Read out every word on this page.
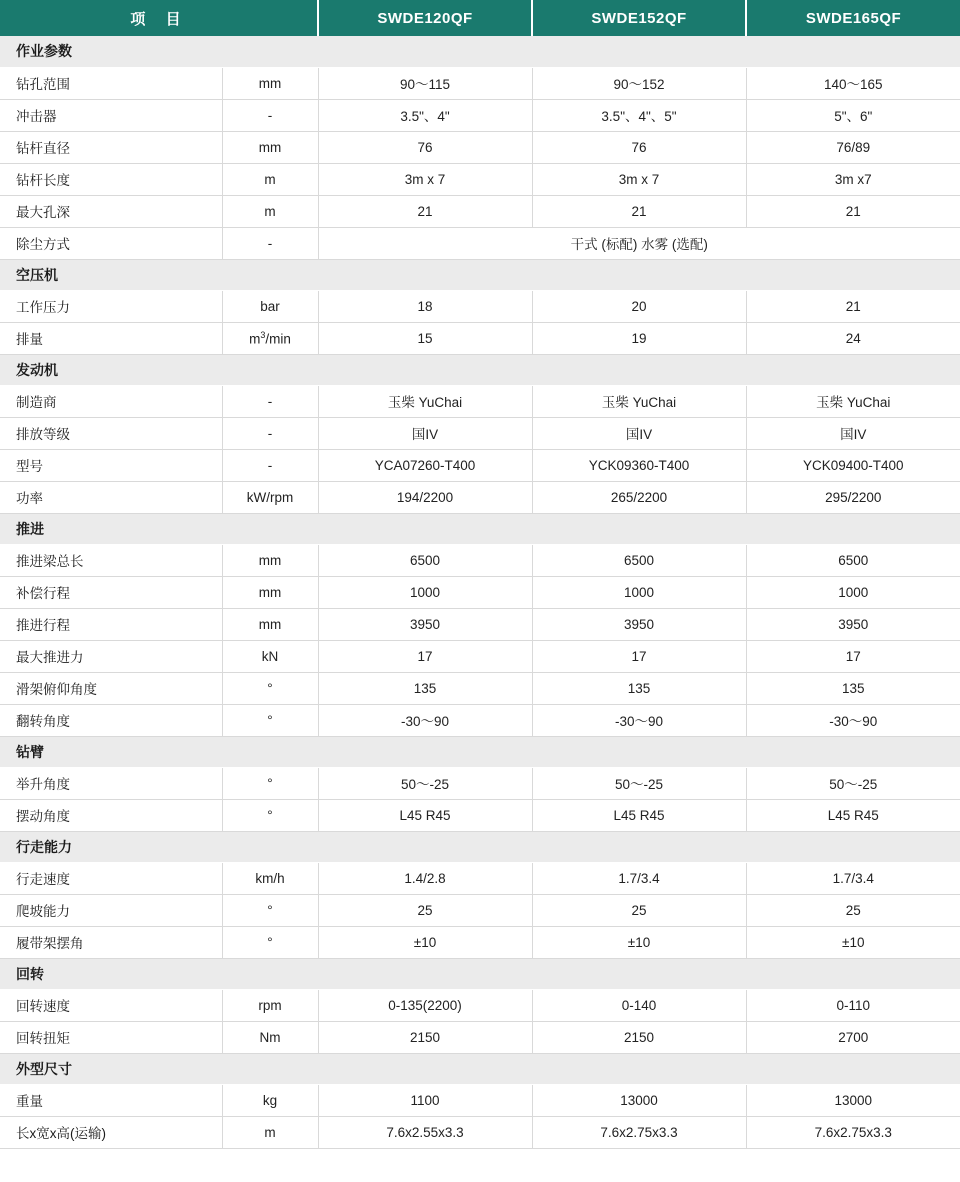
项 目		SWDE120QF	SWDE152QF	SWDE165QF
作业参数				
钻孔范围	mm	90～115	90～152	140～165
冲击器	-	3.5"、4"	3.5"、4"、5"	5"、6"
钻杆直径	mm	76	76	76/89
钻杆长度	m	3m x 7	3m x 7	3m x7
最大孔深	m	21	21	21
除尘方式	-	干式 (标配) 水雾 (选配)		
空压机				
工作压力	bar	18	20	21
排量	$m^3/\min$	15	19	24
发动机				
制造商	-	玉柴 YuChai	玉柴 YuChai	玉柴 YuChai
排放等级	-	国IV	国IV	国IV
型号	-	YCA07260-T400	YCK09360-T400	YCK09400-T400
功率	kW/rpm	194/2200	265/2200	295/2200
推进				
推进梁总长	mm	6500	6500	6500
补偿行程	mm	1000	1000	1000
推进行程	mm	3950	3950	3950
最大推进力	kN	17	17	17
滑架俯仰角度	°	135	135	135
翻转角度	°	-30～90	-30～90	-30～90
钻臂				
举升角度	°	50～-25	50～-25	50～-25
摆动角度	°	L45 R45	L45 R45	L45 R45
行走能力				
行走速度	km/h	1.4/2.8	1.7/3.4	1.7/3.4
爬坡能力	°	25	25	25
履带架摆角	°	±10	±10	±10
回转				
回转速度	rpm	0-135(2200)	0-140	0-110
回转扭矩	Nm	2150	2150	2700
外型尺寸				
重量	kg	1100	13000	13000
长x宽x高(运输)	m	7.6x2.55x3.3	7.6x2.75x3.3	7.6x2.75x3.3
